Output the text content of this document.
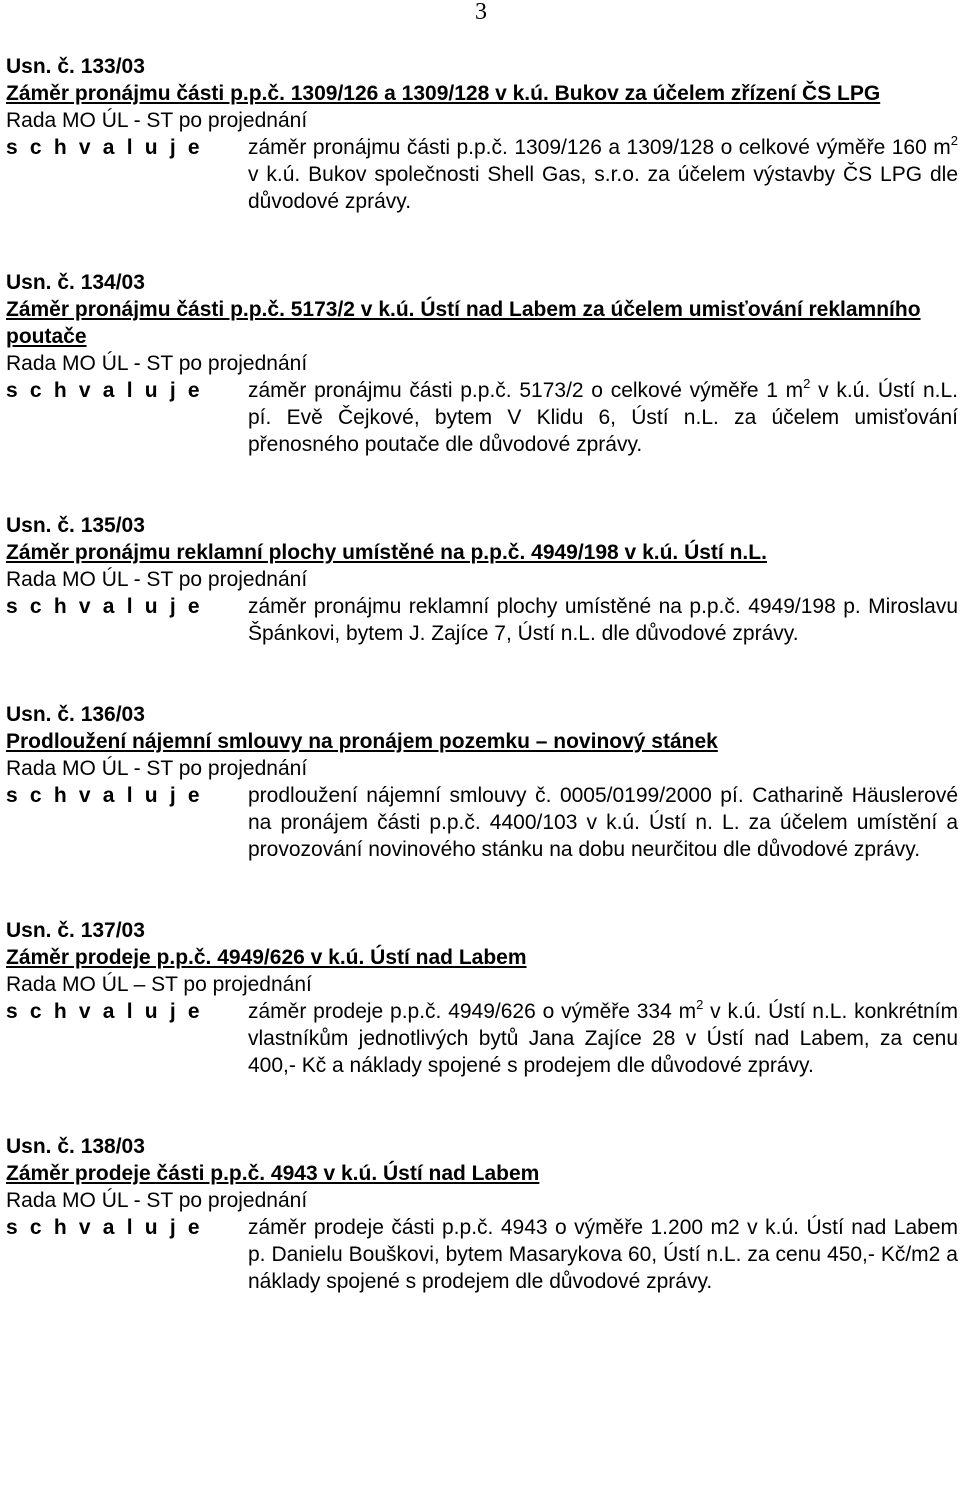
3
Usn. č. 133/03
Záměr pronájmu části p.p.č. 1309/126 a 1309/128 v k.ú. Bukov za účelem zřízení ČS LPG
Rada MO ÚL - ST po projednání
s c h v a l u j e	záměr pronájmu části p.p.č. 1309/126 a 1309/128 o celkové výměře 160 $m^2$ v k.ú. Bukov společnosti Shell Gas, s.r.o. za účelem výstavby ČS LPG dle důvodové zprávy.
Usn. č. 134/03
Záměr pronájmu části p.p.č. 5173/2 v k.ú. Ústí nad Labem za účelem umisťování reklamního poutače
Rada MO ÚL - ST po projednání
s c h v a l u j e	záměr pronájmu části p.p.č. 5173/2 o celkové výměře 1 $m^2$ v k.ú. Ústí n.L. pí. Evě Čejkové, bytem V Klidu 6, Ústí n.L. za účelem umisťování přenosného poutače dle důvodové zprávy.
Usn. č. 135/03
Záměr pronájmu reklamní plochy umístěné na p.p.č. 4949/198 v k.ú. Ústí n.L.
Rada MO ÚL - ST po projednání
s c h v a l u j e	záměr pronájmu reklamní plochy umístěné na p.p.č. 4949/198 p. Miroslavu Špánkovi, bytem J. Zajíce 7, Ústí n.L. dle důvodové zprávy.
Usn. č. 136/03
Prodloužení nájemní smlouvy na pronájem pozemku – novinový stánek
Rada MO ÚL - ST po projednání
s c h v a l u j e	prodloužení nájemní smlouvy č. 0005/0199/2000 pí. Catharině Häuslerové na pronájem části p.p.č. 4400/103 v k.ú. Ústí n. L. za účelem umístění a provozování novinového stánku na dobu neurčitou dle důvodové zprávy.
Usn. č. 137/03
Záměr prodeje p.p.č. 4949/626 v k.ú. Ústí nad Labem
Rada MO ÚL – ST po projednání
s c h v a l u j e	záměr prodeje p.p.č. 4949/626 o výměře 334 $m^2$ v k.ú. Ústí n.L. konkrétním vlastníkům jednotlivých bytů Jana Zajíce 28 v Ústí nad Labem, za cenu 400,- Kč a náklady spojené s prodejem dle důvodové zprávy.
Usn. č. 138/03
Záměr prodeje části p.p.č. 4943 v k.ú. Ústí nad Labem
Rada MO ÚL - ST po projednání
s c h v a l u j e	záměr prodeje části p.p.č. 4943 o výměře 1.200 m2 v k.ú. Ústí nad Labem p. Danielu Bouškovi, bytem Masarykova 60, Ústí n.L. za cenu 450,- Kč/m2 a náklady spojené s prodejem dle důvodové zprávy.
